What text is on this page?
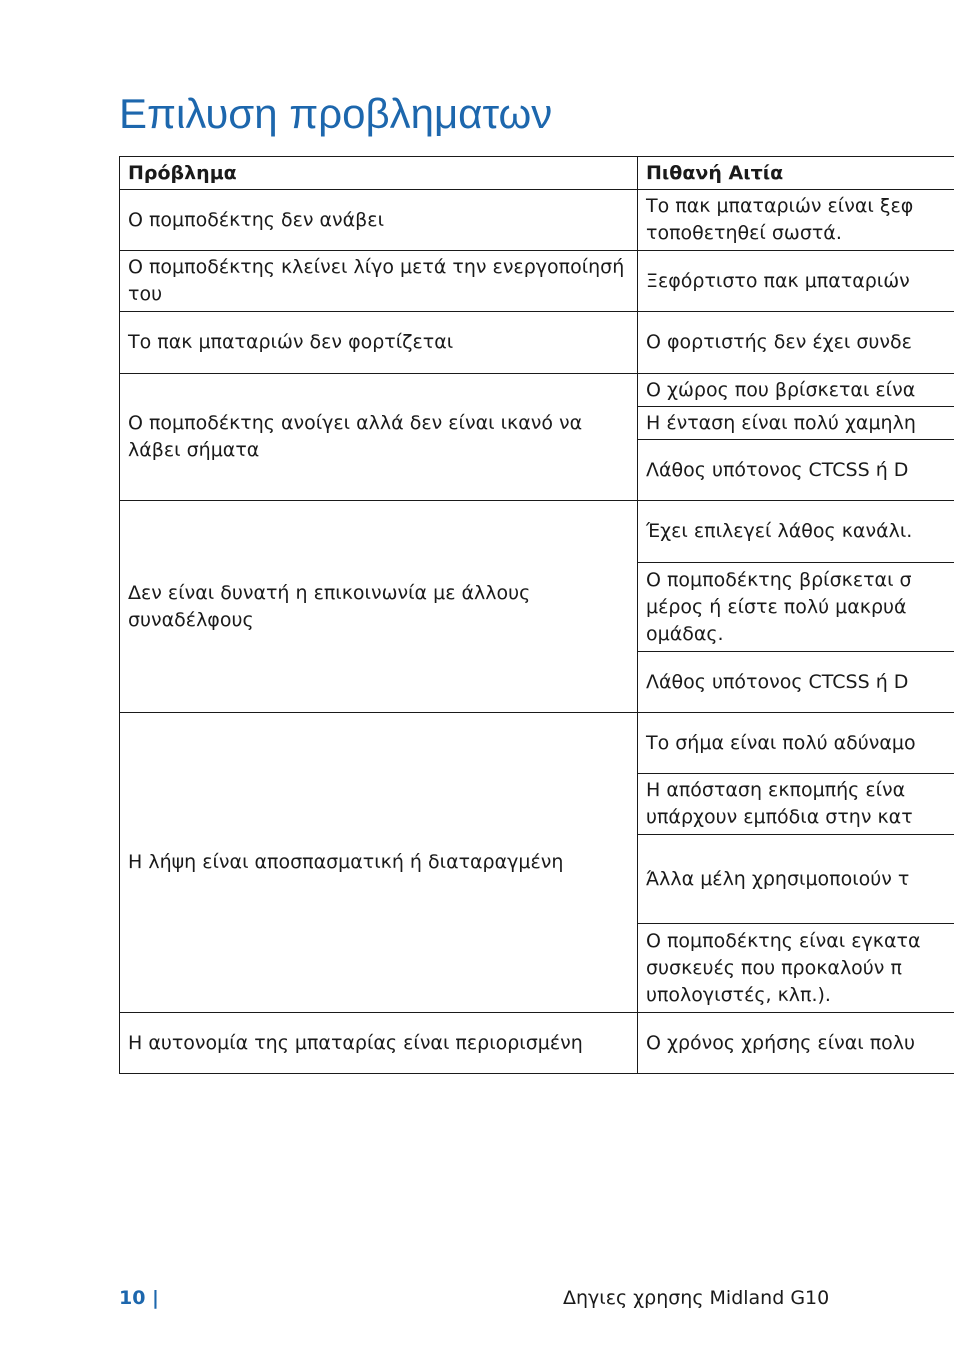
Επιλυση προβληματων
Πρόβλημα	Πιθανή Αιτία
Ο πομποδέκτης δεν ανάβει	Το πακ μπαταριών είναι ξεφ τοποθετηθεί σωστά.

Ο πομποδέκτης κλείνει λίγο μετά την ενεργοποίησή του	Ξεφόρτιστο πακ μπαταριών
Το πακ μπαταριών δεν φορτίζεται	Ο φορτιστής δεν έχει συνδε
Ο πομποδέκτης ανοίγει αλλά δεν είναι ικανό να λάβει σήματα	Ο χώρος που βρίσκεται είνα
	Η ένταση είναι πολύ χαμηλη
	Λάθος υπότονος CTCSS ή D
Δεν είναι δυνατή η επικοινωνία με άλλους συναδέλφους	Έχει επιλεγεί λάθος κανάλι.

	Ο πομποδέκτης βρίσκεται σ μέρος ή είστε πολύ μακρυά ομάδας.

	Λάθος υπότονος CTCSS ή D
Η λήψη είναι αποσπασματική ή διαταραγμένη	Το σήμα είναι πολύ αδύναμο

	Η απόσταση εκπομπής είνα υπάρχουν εμπόδια στην κατ

	Άλλα μέλη χρησιμοποιούν τ

	Ο πομποδέκτης είναι εγκατα συσκευές που προκαλούν π υπολογιστές, κλπ.).

Η αυτονομία της μπαταρίας είναι περιορισμένη	Ο χρόνος χρήσης είναι πολυ
10 |	Δηγιες χρησης Midland G10
